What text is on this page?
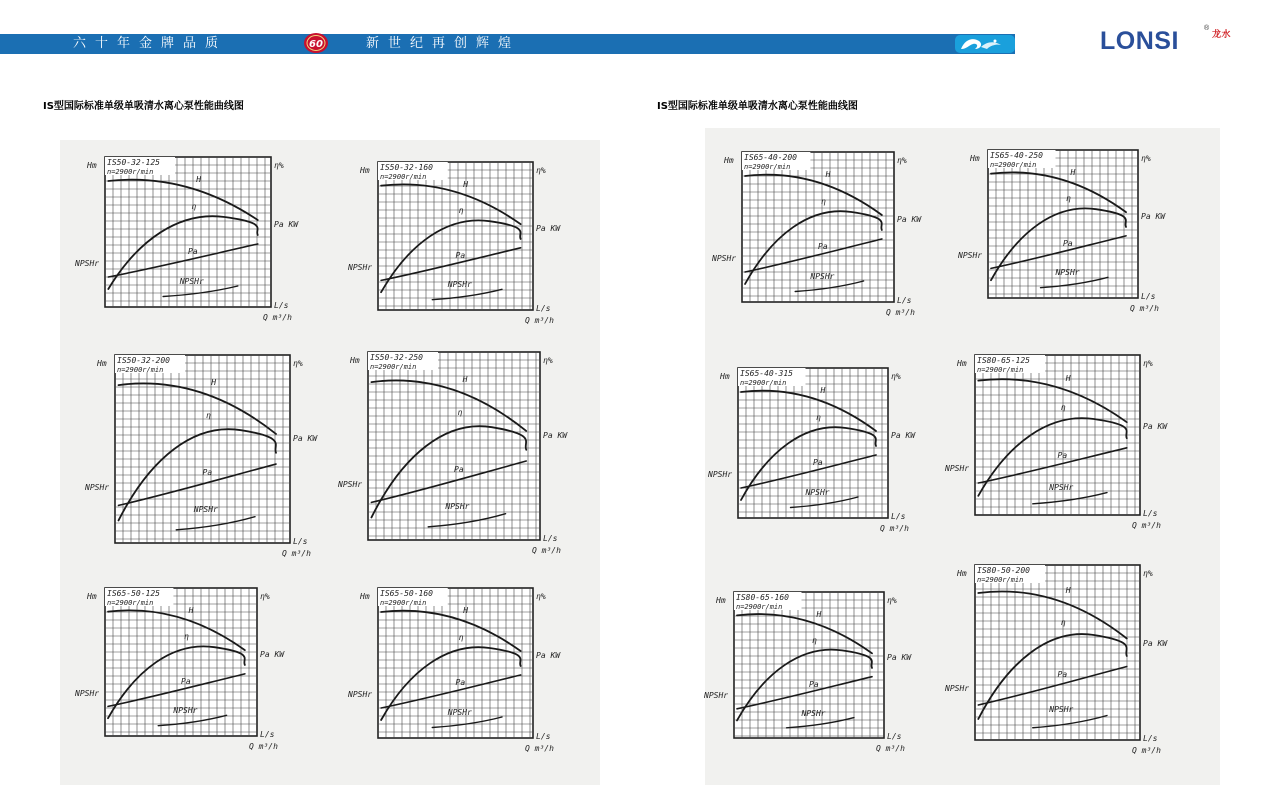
六十年金牌品质	60	新世纪再创辉煌	LONSI	®
龙水
IS型国际标准单级单吸清水离心泵性能曲线图	IS型国际标准单级单吸清水离心泵性能曲线图
IS50-32-125
n=2900r/min
Hm	η%
Pa KW
NPSHr
L/s
Q m³/h
H
η
Pa
NPSHr
IS50-32-160
n=2900r/min
Hm	η%
Pa KW
NPSHr
L/s
Q m³/h
H
η
Pa
NPSHr
IS50-32-200
n=2900r/min
Hm	η%
Pa KW
NPSHr
L/s
Q m³/h
H
η
Pa
NPSHr
IS50-32-250
n=2900r/min
Hm	η%
Pa KW
NPSHr
L/s
Q m³/h
H
η
Pa
NPSHr
IS65-50-125
n=2900r/min
Hm	η%
Pa KW
NPSHr
L/s
Q m³/h
H
η
Pa
NPSHr
IS65-50-160
n=2900r/min
Hm	η%
Pa KW
NPSHr
L/s
Q m³/h
H
η
Pa
NPSHr
IS65-40-200
n=2900r/min
Hm	η%
Pa KW
NPSHr
L/s
Q m³/h
H
η
Pa
NPSHr
IS65-40-250
n=2900r/min
Hm	η%
Pa KW
NPSHr
L/s
Q m³/h
H
η
Pa
NPSHr
IS65-40-315
n=2900r/min
Hm	η%
Pa KW
NPSHr
L/s
Q m³/h
H
η
Pa
NPSHr
IS80-65-125
n=2900r/min
Hm	η%
Pa KW
NPSHr
L/s
Q m³/h
H
η
Pa
NPSHr
IS80-65-160
n=2900r/min
Hm	η%
Pa KW
NPSHr
L/s
Q m³/h
H
η
Pa
NPSHr
IS80-50-200
n=2900r/min
Hm	η%
Pa KW
NPSHr
L/s
Q m³/h
H
η
Pa
NPSHr
